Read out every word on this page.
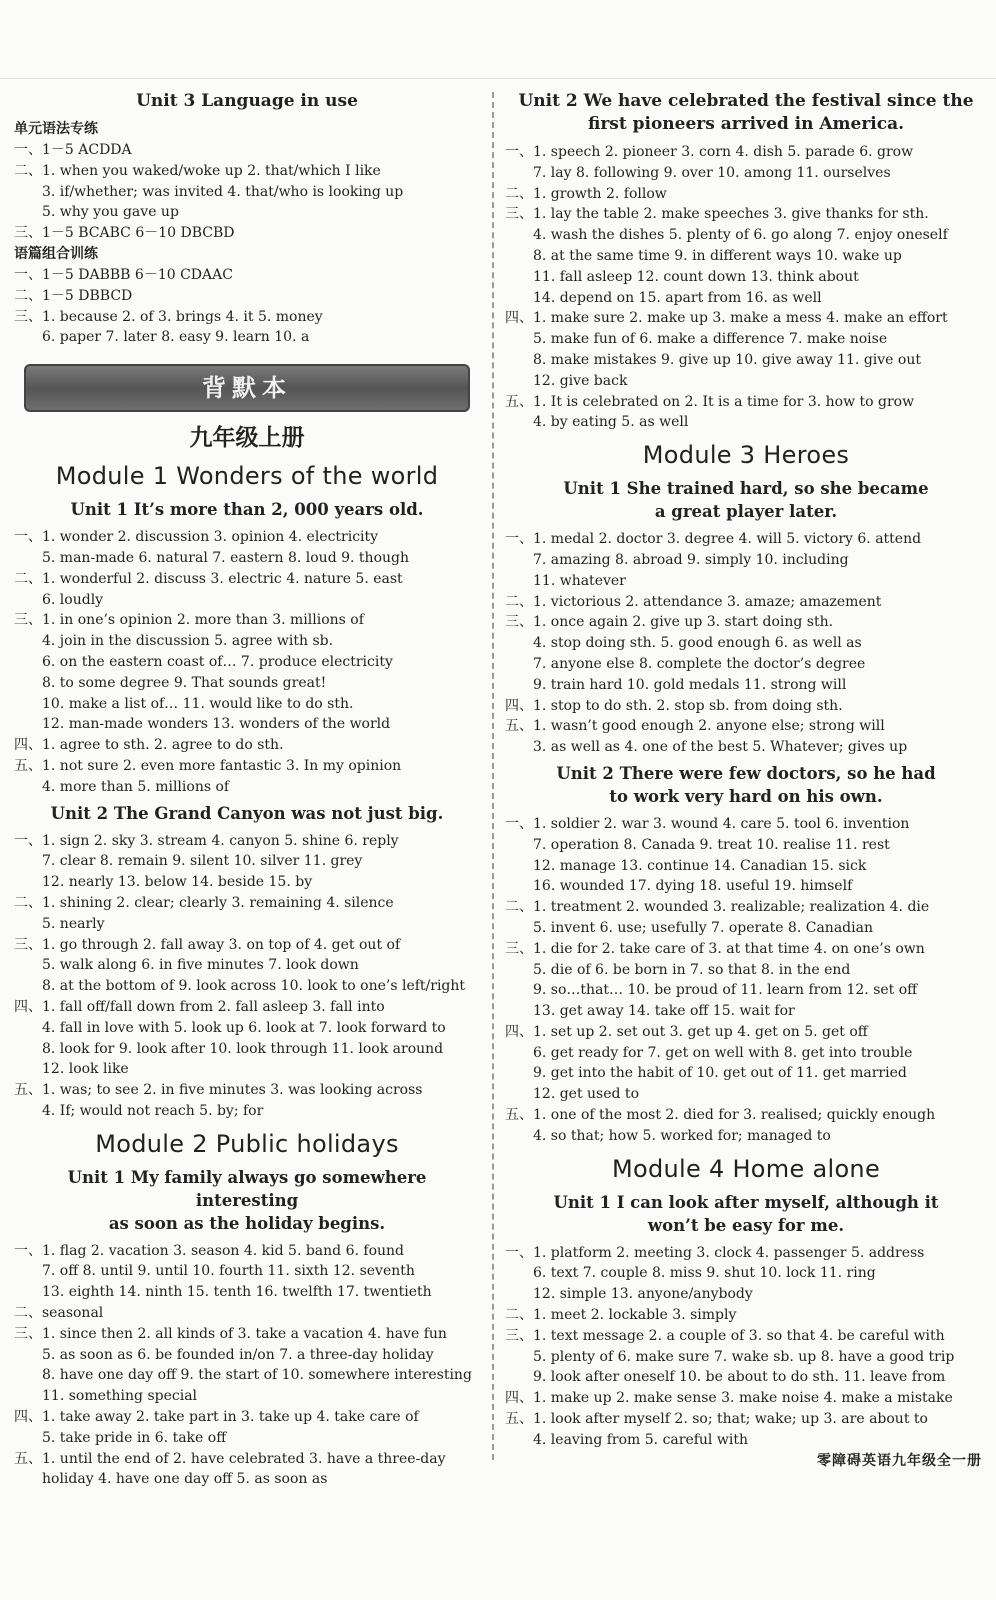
Unit 3 Language in use
单元语法专练
一、1－5 ACDDA
二、1. when you waked/woke up 2. that/which I like
3. if/whether; was invited 4. that/who is looking up
5. why you gave up
三、1－5 BCABC 6－10 DBCBD
语篇组合训练
一、1－5 DABBB 6－10 CDAAC
二、1－5 DBBCD
三、1. because 2. of 3. brings 4. it 5. money
6. paper 7. later 8. easy 9. learn 10. a
背默本
九年级上册
Module 1 Wonders of the world
Unit 1 It’s more than 2, 000 years old.
一、1. wonder 2. discussion 3. opinion 4. electricity
5. man-made 6. natural 7. eastern 8. loud 9. though
二、1. wonderful 2. discuss 3. electric 4. nature 5. east
6. loudly
三、1. in one’s opinion 2. more than 3. millions of
4. join in the discussion 5. agree with sb.
6. on the eastern coast of… 7. produce electricity
8. to some degree 9. That sounds great!
10. make a list of… 11. would like to do sth.
12. man-made wonders 13. wonders of the world
四、1. agree to sth. 2. agree to do sth.
五、1. not sure 2. even more fantastic 3. In my opinion
4. more than 5. millions of
Unit 2 The Grand Canyon was not just big.
一、1. sign 2. sky 3. stream 4. canyon 5. shine 6. reply
7. clear 8. remain 9. silent 10. silver 11. grey
12. nearly 13. below 14. beside 15. by
二、1. shining 2. clear; clearly 3. remaining 4. silence
5. nearly
三、1. go through 2. fall away 3. on top of 4. get out of
5. walk along 6. in five minutes 7. look down
8. at the bottom of 9. look across 10. look to one’s left/right
四、1. fall off/fall down from 2. fall asleep 3. fall into
4. fall in love with 5. look up 6. look at 7. look forward to
8. look for 9. look after 10. look through 11. look around
12. look like
五、1. was; to see 2. in five minutes 3. was looking across
4. If; would not reach 5. by; for
Module 2 Public holidays
Unit 1 My family always go somewhere interesting
as soon as the holiday begins.
一、1. flag 2. vacation 3. season 4. kid 5. band 6. found
7. off 8. until 9. until 10. fourth 11. sixth 12. seventh
13. eighth 14. ninth 15. tenth 16. twelfth 17. twentieth
二、seasonal
三、1. since then 2. all kinds of 3. take a vacation 4. have fun
5. as soon as 6. be founded in/on 7. a three-day holiday
8. have one day off 9. the start of 10. somewhere interesting
11. something special
四、1. take away 2. take part in 3. take up 4. take care of
5. take pride in 6. take off
五、1. until the end of 2. have celebrated 3. have a three-day
holiday 4. have one day off 5. as soon as
Unit 2 We have celebrated the festival since the
first pioneers arrived in America.
一、1. speech 2. pioneer 3. corn 4. dish 5. parade 6. grow
7. lay 8. following 9. over 10. among 11. ourselves
二、1. growth 2. follow
三、1. lay the table 2. make speeches 3. give thanks for sth.
4. wash the dishes 5. plenty of 6. go along 7. enjoy oneself
8. at the same time 9. in different ways 10. wake up
11. fall asleep 12. count down 13. think about
14. depend on 15. apart from 16. as well
四、1. make sure 2. make up 3. make a mess 4. make an effort
5. make fun of 6. make a difference 7. make noise
8. make mistakes 9. give up 10. give away 11. give out
12. give back
五、1. It is celebrated on 2. It is a time for 3. how to grow
4. by eating 5. as well
Module 3 Heroes
Unit 1 She trained hard, so she became
a great player later.
一、1. medal 2. doctor 3. degree 4. will 5. victory 6. attend
7. amazing 8. abroad 9. simply 10. including
11. whatever
二、1. victorious 2. attendance 3. amaze; amazement
三、1. once again 2. give up 3. start doing sth.
4. stop doing sth. 5. good enough 6. as well as
7. anyone else 8. complete the doctor’s degree
9. train hard 10. gold medals 11. strong will
四、1. stop to do sth. 2. stop sb. from doing sth.
五、1. wasn’t good enough 2. anyone else; strong will
3. as well as 4. one of the best 5. Whatever; gives up
Unit 2 There were few doctors, so he had
to work very hard on his own.
一、1. soldier 2. war 3. wound 4. care 5. tool 6. invention
7. operation 8. Canada 9. treat 10. realise 11. rest
12. manage 13. continue 14. Canadian 15. sick
16. wounded 17. dying 18. useful 19. himself
二、1. treatment 2. wounded 3. realizable; realization 4. die
5. invent 6. use; usefully 7. operate 8. Canadian
三、1. die for 2. take care of 3. at that time 4. on one’s own
5. die of 6. be born in 7. so that 8. in the end
9. so…that… 10. be proud of 11. learn from 12. set off
13. get away 14. take off 15. wait for
四、1. set up 2. set out 3. get up 4. get on 5. get off
6. get ready for 7. get on well with 8. get into trouble
9. get into the habit of 10. get out of 11. get married
12. get used to
五、1. one of the most 2. died for 3. realised; quickly enough
4. so that; how 5. worked for; managed to
Module 4 Home alone
Unit 1 I can look after myself, although it
won’t be easy for me.
一、1. platform 2. meeting 3. clock 4. passenger 5. address
6. text 7. couple 8. miss 9. shut 10. lock 11. ring
12. simple 13. anyone/anybody
二、1. meet 2. lockable 3. simply
三、1. text message 2. a couple of 3. so that 4. be careful with
5. plenty of 6. make sure 7. wake sb. up 8. have a good trip
9. look after oneself 10. be about to do sth. 11. leave from
四、1. make up 2. make sense 3. make noise 4. make a mistake
五、1. look after myself 2. so; that; wake; up 3. are about to
4. leaving from 5. careful with
零障碍英语九年级全一册
